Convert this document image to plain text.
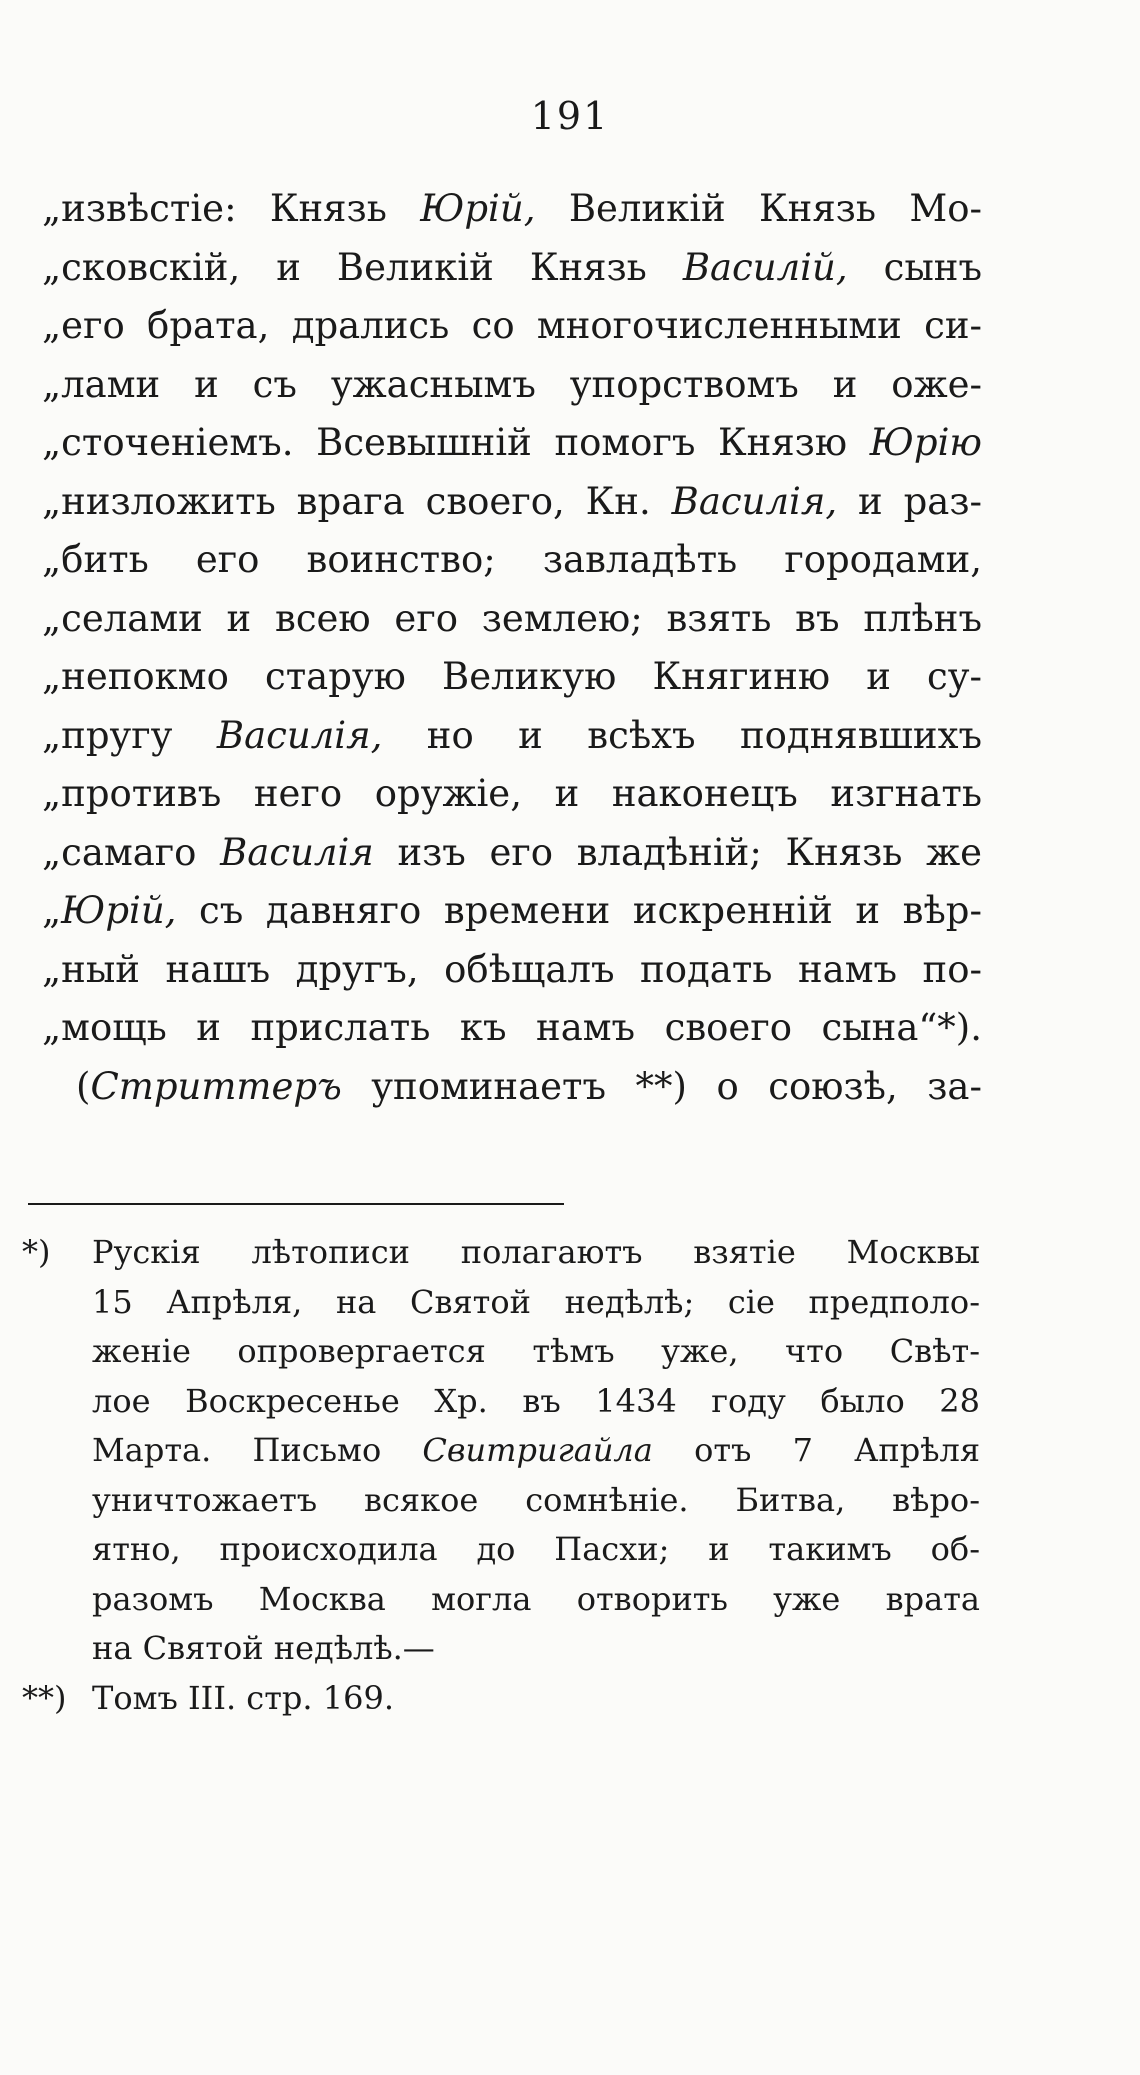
191
„извѣстіе: Князь Юрій, Великій Князь Мо-
„сковскій, и Великій Князь Василій, сынъ
„его брата, дрались со многочисленными си-
„лами и съ ужаснымъ упорствомъ и оже-
„сточеніемъ. Всевышній помогъ Князю Юрію
„низложить врага своего, Кн. Василія, и раз-
„бить его воинство; завладѣть городами,
„селами и всею его землею; взять въ плѣнъ
„непокмо старую Великую Княгиню и су-
„пругу Василія, но и всѣхъ поднявшихъ
„противъ него оружіе, и наконецъ изгнать
„самаго Василія изъ его владѣній; Князь же
„Юрій, съ давняго времени искренній и вѣр-
„ный нашъ другъ, обѣщалъ подать намъ по-
„мощь и прислать къ намъ своего сына“*).
(Стриттеръ упоминаетъ **) о союзѣ, за-
*) Рускія лѣтописи полагаютъ взятіе Москвы
15 Апрѣля, на Святой недѣлѣ; сіе предполо-
женіе опровергается тѣмъ уже, что Свѣт-
лое Воскресенье Хр. въ 1434 году было 28
Марта. Письмо Свитригайла отъ 7 Апрѣля
уничтожаетъ всякое сомнѣніе. Битва, вѣро-
ятно, происходила до Пасхи; и такимъ об-
разомъ Москва могла отворить уже врата
на Святой недѣлѣ.—
**) Томъ III. стр. 169.
